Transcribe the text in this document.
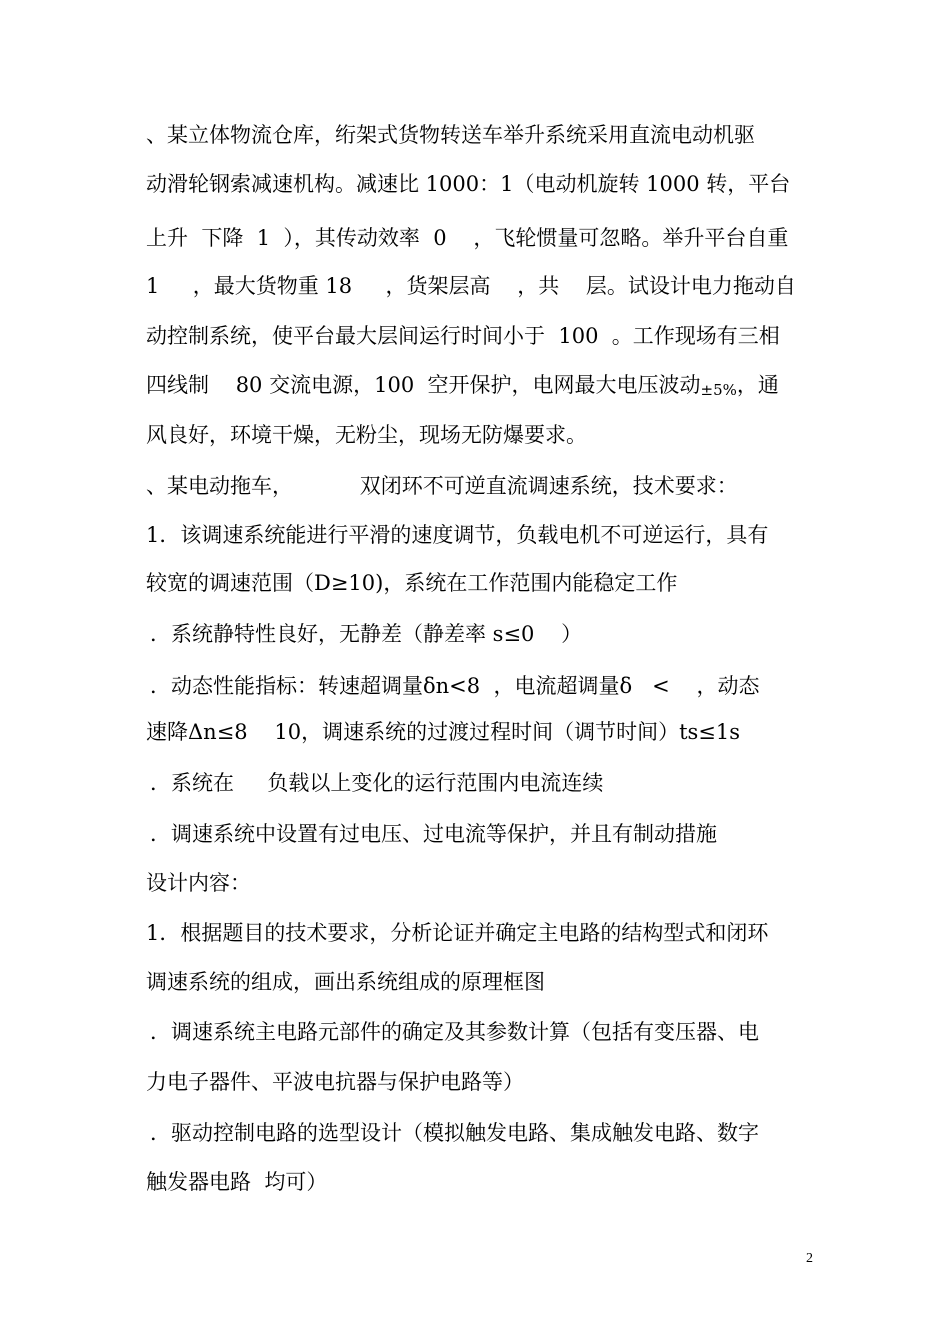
、某立体物流仓库，绗架式货物转送车举升系统采用直流电动机驱
动滑轮钢索减速机构。减速比 1000：1（电动机旋转 1000 转，平台
上升  下降  1  ），其传动效率  0    ，飞轮惯量可忽略。举升平台自重
1     ，最大货物重 18     ，货架层高    ，共    层。试设计电力拖动自
动控制系统，使平台最大层间运行时间小于  100  。工作现场有三相
四线制    80 交流电源，100  空开保护，电网最大电压波动±5%，通
风良好，环境干燥，无粉尘，现场无防爆要求。
、某电动拖车，          双闭环不可逆直流调速系统，技术要求：
1．该调速系统能进行平滑的速度调节，负载电机不可逆运行，具有
较宽的调速范围（D≥10)，系统在工作范围内能稳定工作
．系统静特性良好，无静差（静差率 s≤0    ）
．动态性能指标：转速超调量δn<8  ，电流超调量δ   <    ，动态
速降Δn≤8    10，调速系统的过渡过程时间（调节时间）ts≤1s
．系统在     负载以上变化的运行范围内电流连续
．调速系统中设置有过电压、过电流等保护，并且有制动措施
设计内容：
1．根据题目的技术要求，分析论证并确定主电路的结构型式和闭环
调速系统的组成，画出系统组成的原理框图
．调速系统主电路元部件的确定及其参数计算（包括有变压器、电
力电子器件、平波电抗器与保护电路等）
．驱动控制电路的选型设计（模拟触发电路、集成触发电路、数字
触发器电路  均可）
2
